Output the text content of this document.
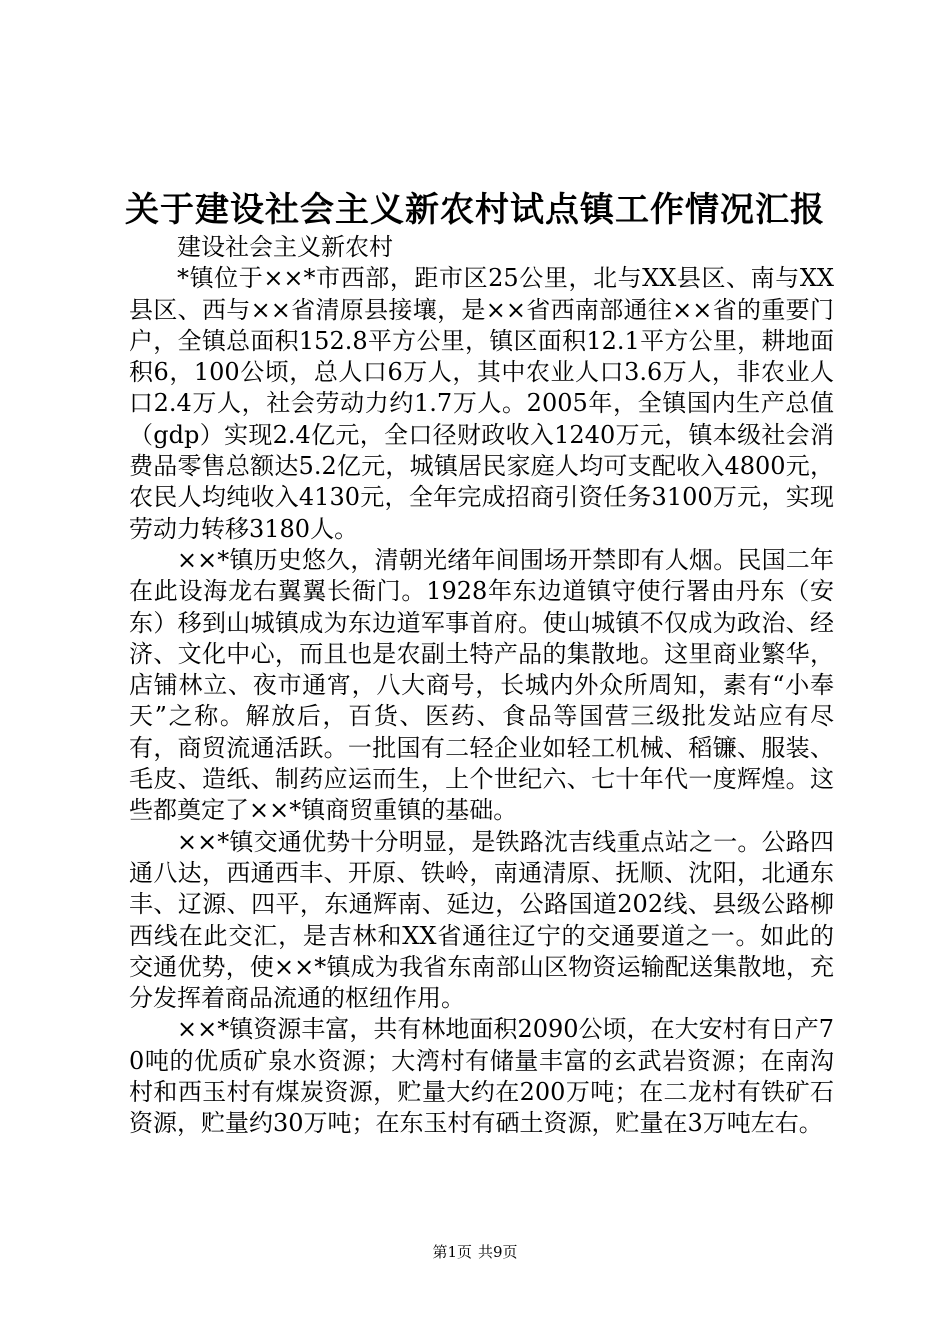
关于建设社会主义新农村试点镇工作情况汇报

建设社会主义新农村

*镇位于××*市西部，距市区25公里，北与XX县区、南与XX县区、西与××省清原县接壤，是××省西南部通往××省的重要门户，全镇总面积152.8平方公里，镇区面积12.1平方公里，耕地面积6，100公顷，总人口6万人，其中农业人口3.6万人，非农业人口2.4万人，社会劳动力约1.7万人。2005年，全镇国内生产总值（gdp）实现2.4亿元，全口径财政收入1240万元，镇本级社会消费品零售总额达5.2亿元，城镇居民家庭人均可支配收入4800元，农民人均纯收入4130元，全年完成招商引资任务3100万元，实现劳动力转移3180人。

××*镇历史悠久，清朝光绪年间围场开禁即有人烟。民国二年在此设海龙右翼翼长衙门。1928年东边道镇守使行署由丹东（安东）移到山城镇成为东边道军事首府。使山城镇不仅成为政治、经济、文化中心，而且也是农副土特产品的集散地。这里商业繁华，店铺林立、夜市通宵，八大商号，长城内外众所周知，素有“小奉天”之称。解放后，百货、医药、食品等国营三级批发站应有尽有，商贸流通活跃。一批国有二轻企业如轻工机械、稻镰、服装、毛皮、造纸、制药应运而生，上个世纪六、七十年代一度辉煌。这些都奠定了××*镇商贸重镇的基础。

××*镇交通优势十分明显，是铁路沈吉线重点站之一。公路四通八达，西通西丰、开原、铁岭，南通清原、抚顺、沈阳，北通东丰、辽源、四平，东通辉南、延边，公路国道202线、县级公路柳西线在此交汇，是吉林和XX省通往辽宁的交通要道之一。如此的交通优势，使××*镇成为我省东南部山区物资运输配送集散地，充分发挥着商品流通的枢纽作用。

××*镇资源丰富，共有林地面积2090公顷，在大安村有日产70吨的优质矿泉水资源；大湾村有储量丰富的玄武岩资源；在南沟村和西玉村有煤炭资源，贮量大约在200万吨；在二龙村有铁矿石资源，贮量约30万吨；在东玉村有硒土资源，贮量在3万吨左右。

第1页 共9页
